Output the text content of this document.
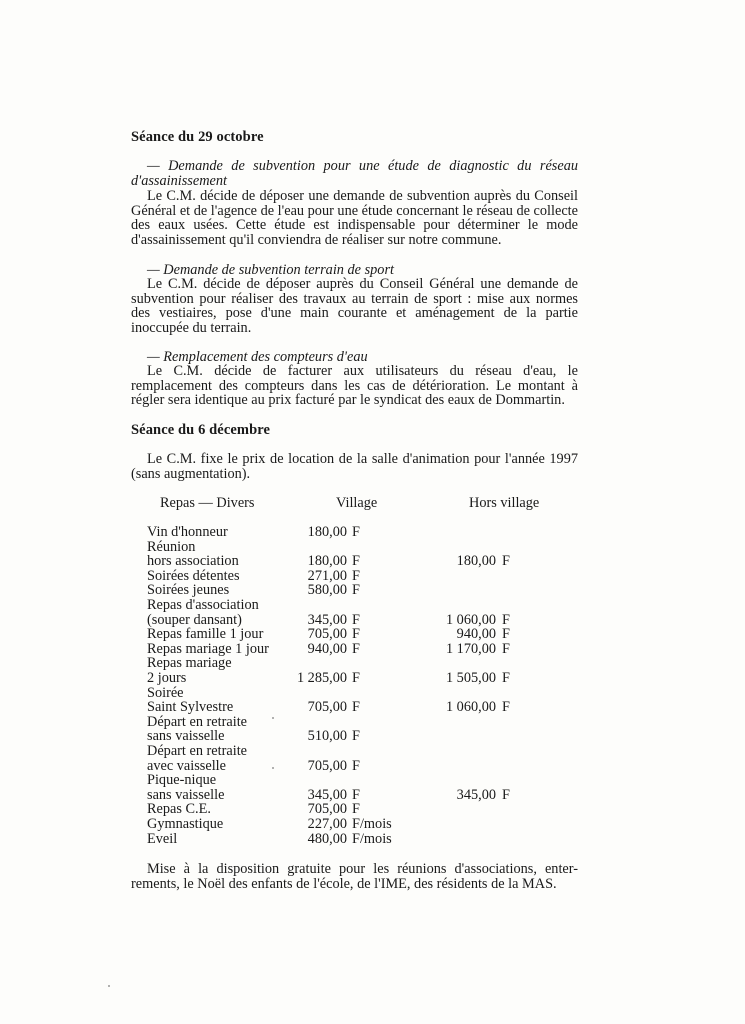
Séance du 29 octobre
— Demande de subvention pour une étude de diagnostic du réseau
d'assainissement
Le C.M. décide de déposer une demande de subvention auprès du Conseil
Général et de l'agence de l'eau pour une étude concernant le réseau de collecte
des eaux usées. Cette étude est indispensable pour déterminer le mode
d'assainissement qu'il conviendra de réaliser sur notre commune.
— Demande de subvention terrain de sport
Le C.M. décide de déposer auprès du Conseil Général une demande de
subvention pour réaliser des travaux au terrain de sport : mise aux normes
des vestiaires, pose d'une main courante et aménagement de la partie
inoccupée du terrain.
— Remplacement des compteurs d'eau
Le C.M. décide de facturer aux utilisateurs du réseau d'eau, le
remplacement des compteurs dans les cas de détérioration. Le montant à
régler sera identique au prix facturé par le syndicat des eaux de Dommartin.
Séance du 6 décembre
Le C.M. fixe le prix de location de la salle d'animation pour l'année 1997
(sans augmentation).
Repas — Divers	Village	Hors village
Vin d'honneur	180,00 F
Réunion
hors association	180,00 F	180,00 F
Soirées détentes	271,00 F
Soirées jeunes	580,00 F
Repas d'association
(souper dansant)	345,00 F	1 060,00 F
Repas famille 1 jour	705,00 F	940,00 F
Repas mariage 1 jour	940,00 F	1 170,00 F
Repas mariage
2 jours	1 285,00 F	1 505,00 F
Soirée
Saint Sylvestre	705,00 F	1 060,00 F
Départ en retraite
sans vaisselle	510,00 F
Départ en retraite
avec vaisselle	705,00 F
Pique-nique
sans vaisselle	345,00 F	345,00 F
Repas C.E.	705,00 F
Gymnastique	227,00 F/mois
Eveil	480,00 F/mois
Mise à la disposition gratuite pour les réunions d'associations, enter-
rements, le Noël des enfants de l'école, de l'IME, des résidents de la MAS.
